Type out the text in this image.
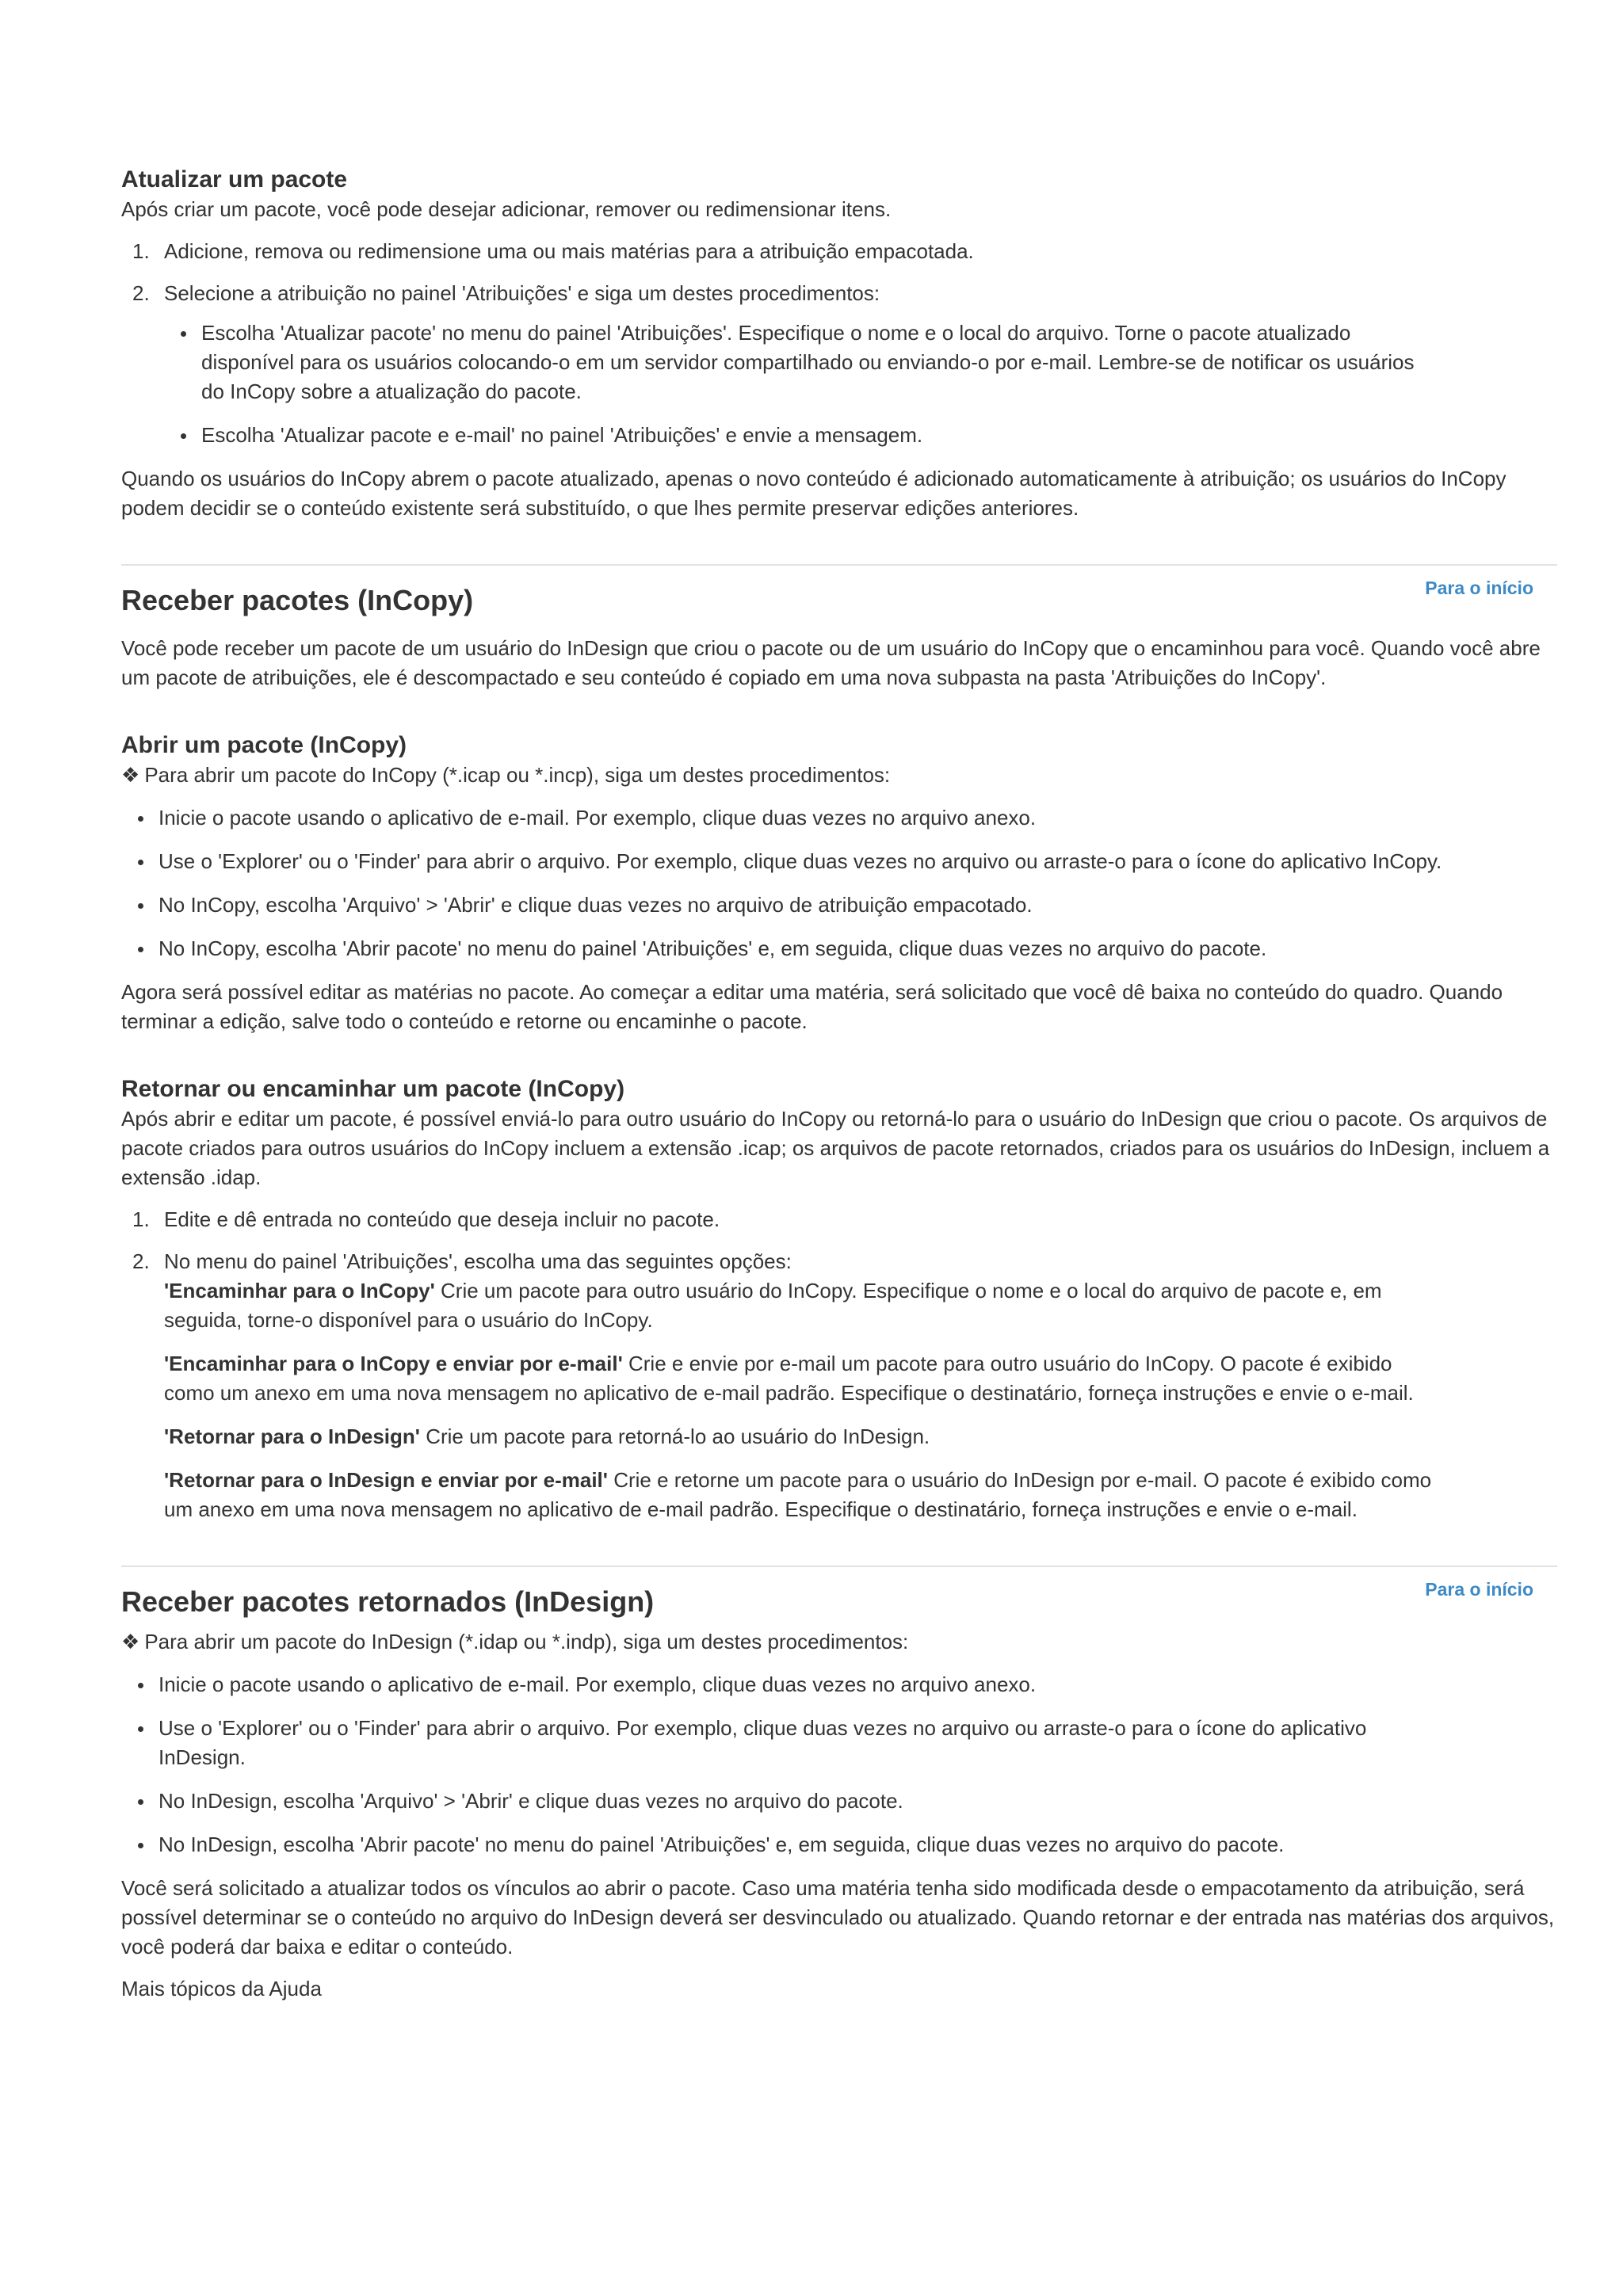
Atualizar um pacote

Após criar um pacote, você pode desejar adicionar, remover ou redimensionar itens.

1. Adicione, remova ou redimensione uma ou mais matérias para a atribuição empacotada.
2. Selecione a atribuição no painel 'Atribuições' e siga um destes procedimentos:
Escolha 'Atualizar pacote' no menu do painel 'Atribuições'. Especifique o nome e o local do arquivo. Torne o pacote atualizado disponível para os usuários colocando-o em um servidor compartilhado ou enviando-o por e-mail. Lembre-se de notificar os usuários do InCopy sobre a atualização do pacote.
Escolha 'Atualizar pacote e e-mail' no painel 'Atribuições' e envie a mensagem.

Quando os usuários do InCopy abrem o pacote atualizado, apenas o novo conteúdo é adicionado automaticamente à atribuição; os usuários do InCopy podem decidir se o conteúdo existente será substituído, o que lhes permite preservar edições anteriores.

Para o início
Receber pacotes (InCopy)

Você pode receber um pacote de um usuário do InDesign que criou o pacote ou de um usuário do InCopy que o encaminhou para você. Quando você abre um pacote de atribuições, ele é descompactado e seu conteúdo é copiado em uma nova subpasta na pasta 'Atribuições do InCopy'.

Abrir um pacote (InCopy)

❖ Para abrir um pacote do InCopy (*.icap ou *.incp), siga um destes procedimentos:

Inicie o pacote usando o aplicativo de e-mail. Por exemplo, clique duas vezes no arquivo anexo.
Use o 'Explorer' ou o 'Finder' para abrir o arquivo. Por exemplo, clique duas vezes no arquivo ou arraste-o para o ícone do aplicativo InCopy.
No InCopy, escolha 'Arquivo' > 'Abrir' e clique duas vezes no arquivo de atribuição empacotado.
No InCopy, escolha 'Abrir pacote' no menu do painel 'Atribuições' e, em seguida, clique duas vezes no arquivo do pacote.

Agora será possível editar as matérias no pacote. Ao começar a editar uma matéria, será solicitado que você dê baixa no conteúdo do quadro. Quando terminar a edição, salve todo o conteúdo e retorne ou encaminhe o pacote.

Retornar ou encaminhar um pacote (InCopy)

Após abrir e editar um pacote, é possível enviá-lo para outro usuário do InCopy ou retorná-lo para o usuário do InDesign que criou o pacote. Os arquivos de pacote criados para outros usuários do InCopy incluem a extensão .icap; os arquivos de pacote retornados, criados para os usuários do InDesign, incluem a extensão .idap.

1. Edite e dê entrada no conteúdo que deseja incluir no pacote.
2. No menu do painel 'Atribuições', escolha uma das seguintes opções:

'Encaminhar para o InCopy' Crie um pacote para outro usuário do InCopy. Especifique o nome e o local do arquivo de pacote e, em seguida, torne-o disponível para o usuário do InCopy.

'Encaminhar para o InCopy e enviar por e-mail' Crie e envie por e-mail um pacote para outro usuário do InCopy. O pacote é exibido como um anexo em uma nova mensagem no aplicativo de e-mail padrão. Especifique o destinatário, forneça instruções e envie o e-mail.

'Retornar para o InDesign' Crie um pacote para retorná-lo ao usuário do InDesign.

'Retornar para o InDesign e enviar por e-mail' Crie e retorne um pacote para o usuário do InDesign por e-mail. O pacote é exibido como um anexo em uma nova mensagem no aplicativo de e-mail padrão. Especifique o destinatário, forneça instruções e envie o e-mail.

Para o início
Receber pacotes retornados (InDesign)

❖ Para abrir um pacote do InDesign (*.idap ou *.indp), siga um destes procedimentos:

Inicie o pacote usando o aplicativo de e-mail. Por exemplo, clique duas vezes no arquivo anexo.
Use o 'Explorer' ou o 'Finder' para abrir o arquivo. Por exemplo, clique duas vezes no arquivo ou arraste-o para o ícone do aplicativo InDesign.
No InDesign, escolha 'Arquivo' > 'Abrir' e clique duas vezes no arquivo do pacote.
No InDesign, escolha 'Abrir pacote' no menu do painel 'Atribuições' e, em seguida, clique duas vezes no arquivo do pacote.

Você será solicitado a atualizar todos os vínculos ao abrir o pacote. Caso uma matéria tenha sido modificada desde o empacotamento da atribuição, será possível determinar se o conteúdo no arquivo do InDesign deverá ser desvinculado ou atualizado. Quando retornar e der entrada nas matérias dos arquivos, você poderá dar baixa e editar o conteúdo.

Mais tópicos da Ajuda
